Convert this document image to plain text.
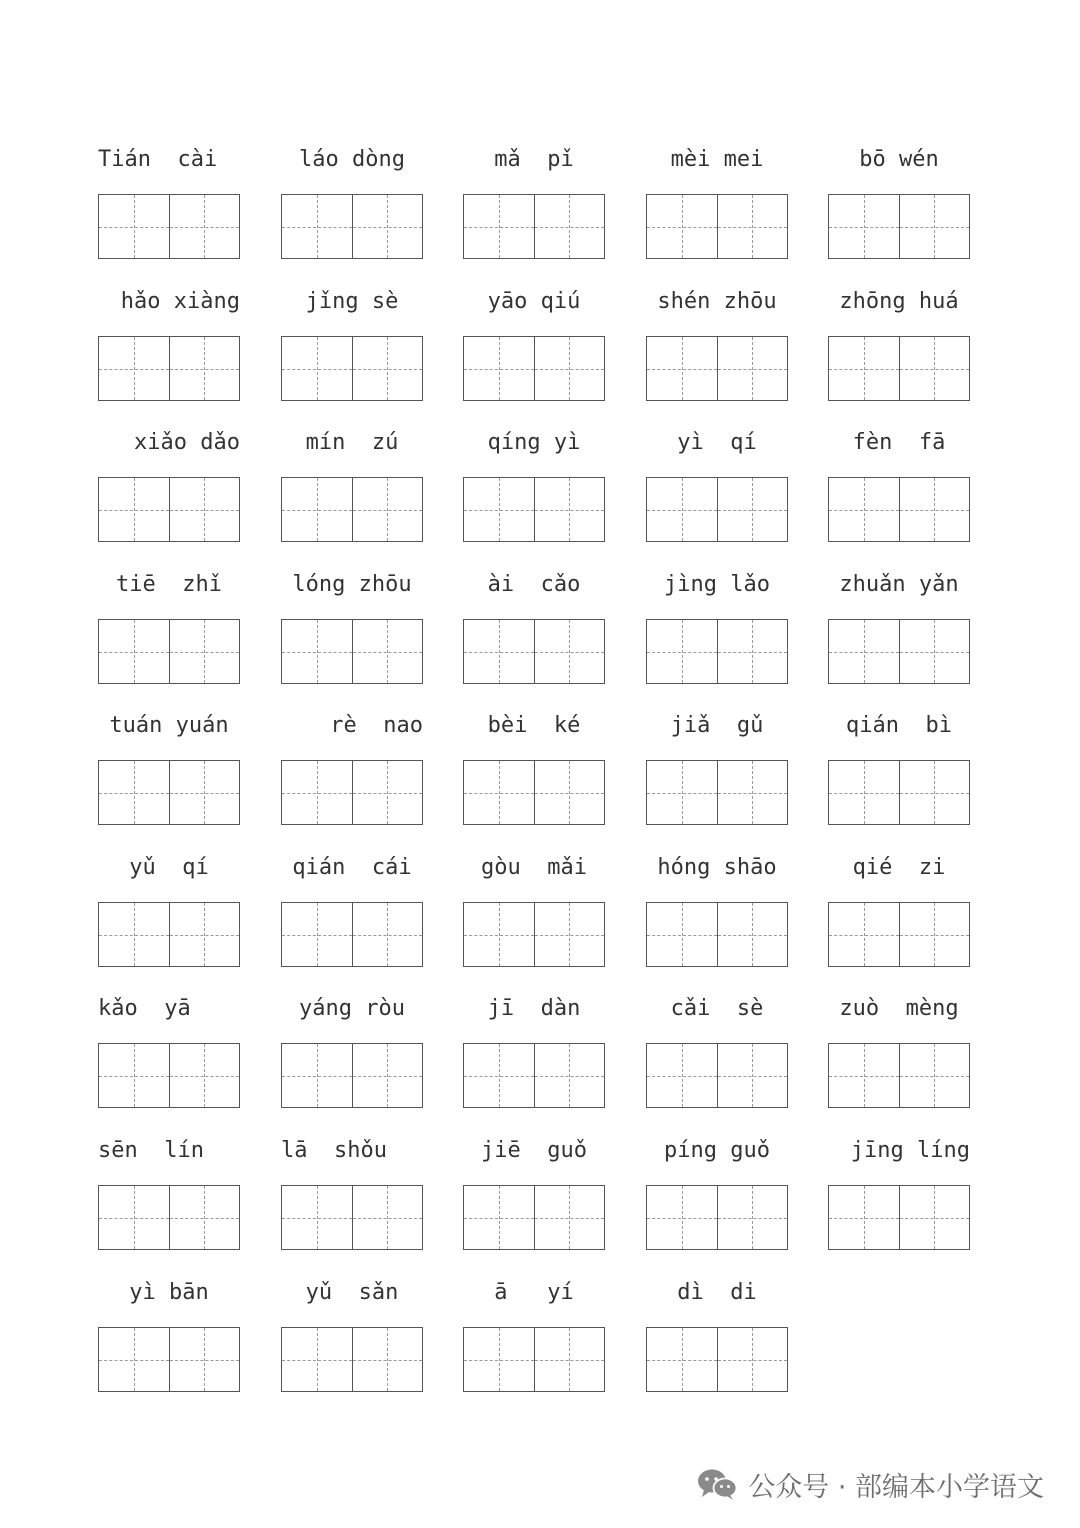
Tián  cài	láo dòng	mǎ  pǐ	mèi mei	bō wén
hǎo xiàng	jǐng sè	yāo qiú	shén zhōu	zhōng huá
xiǎo dǎo	mín  zú	qíng yì	yì  qí	fèn  fā
tiē  zhǐ	lóng zhōu	ài  cǎo	jìng lǎo	zhuǎn yǎn
tuán yuán	rè  nao	bèi  ké	jiǎ  gǔ	qián  bì
yǔ  qí	qián  cái	gòu  mǎi	hóng shāo	qié  zi
kǎo  yā	yáng ròu	jī  dàn	cǎi  sè	zuò  mèng
sēn  lín	lā  shǒu	jiē  guǒ	píng guǒ	jīng líng
yì bān	yǔ  sǎn	ā   yí	dì  di
公众号 · 部编本小学语文
